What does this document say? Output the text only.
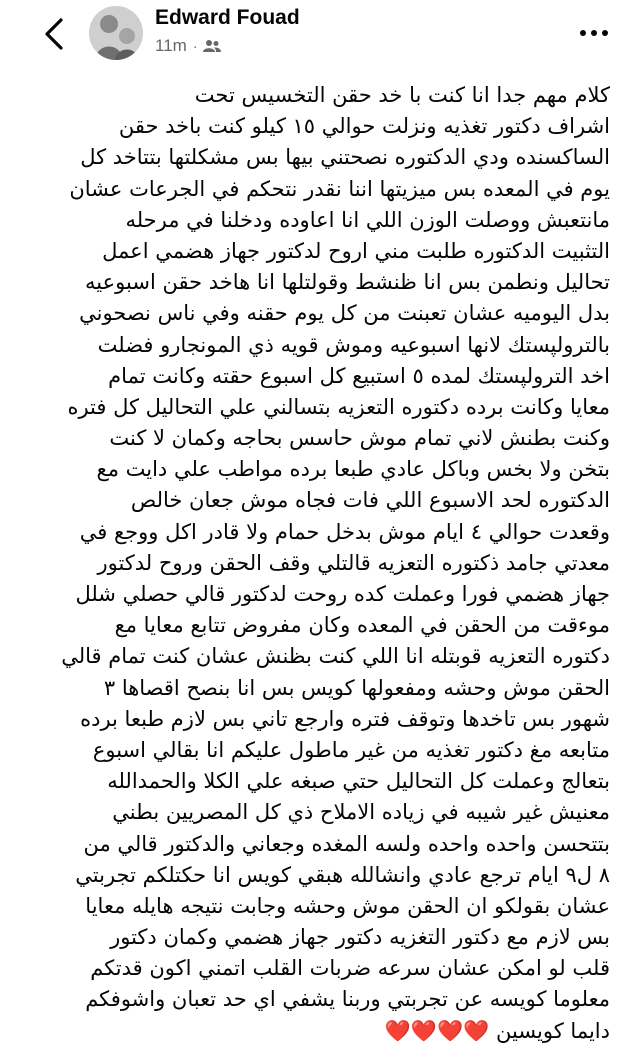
Edward Fouad
11m ·
كلام مهم جدا انا كنت با خد حقن التخسيس تحت
اشراف دكتور تغذيه ونزلت حوالي ١٥ كيلو كنت باخد حقن
الساكسنده ودي الدكتوره نصحتني بيها بس مشكلتها بتتاخد كل
يوم في المعده بس ميزيتها اننا نقدر نتحكم في الجرعات عشان
مانتعبش ووصلت الوزن اللي انا اعاوده ودخلنا في مرحله
التثبيت الدكتوره طلبت مني اروح لدكتور جهاز هضمي اعمل
تحاليل ونطمن بس انا ظنشط وقولتلها انا هاخد حقن اسبوعيه
بدل اليوميه عشان تعبنت من كل يوم حقنه وفي ناس نصحوني
بالترولپستك لانها اسبوعيه وموش قويه ذي المونجارو فضلت
اخد الترولپستك لمده ٥ استبيع كل اسبوع حقته وكانت تمام
معايا وكانت برده دكتوره التعزيه بتسالني علي التحاليل كل فتره
وكنت بطنش لاني تمام موش حاسس بحاجه وكمان لا كنت
بتخن ولا بخس وباكل عادي طبعا برده مواطب علي دايت مع
الدكتوره لحد الاسبوع اللي فات فجاه موش جعان خالص
وقعدت حوالي ٤ ايام موش بدخل حمام ولا قادر اكل ووجع في
معدتي جامد ذكتوره التعزيه قالتلي وقف الحقن وروح لدكتور
جهاز هضمي فورا وعملت كده روحت لدكتور قالي حصلي شلل
موءقت من الحقن في المعده وكان مفروض تتابع معايا مع
دكتوره التعزيه قوبتله انا اللي كنت بظنش عشان كنت تمام قالي
الحقن موش وحشه ومفعولها كويس بس انا بنصح اقصاها ٣
شهور بس تاخدها وتوقف فتره وارجع تاني بس لازم طبعا برده
متابعه مغ دكتور تغذيه من غير ماطول عليكم انا بقالي اسبوع
بتعالج وعملت كل التحاليل حتي صبغه علي الكلا والحمدالله
معنيش غير شيبه في زياده الاملاح ذي كل المصريين بطني
بتتحسن واحده واحده ولسه المغده وجعاني والدكتور قالي من
٨ ل٩ ايام ترجع عادي وانشالله هبقي كويس انا حكتلكم تجربتي
عشان بقولكو ان الحقن موش وحشه وجابت نتيجه هايله معايا
بس لازم مع دكتور التغزيه دكتور جهاز هضمي وكمان دكتور
قلب لو امكن عشان سرعه ضربات القلب اتمني اكون قدتكم
معلوما كويسه عن تجربتي وربنا يشفي اي حد تعبان واشوفكم
دايما كويسين ❤️❤️❤️❤️
